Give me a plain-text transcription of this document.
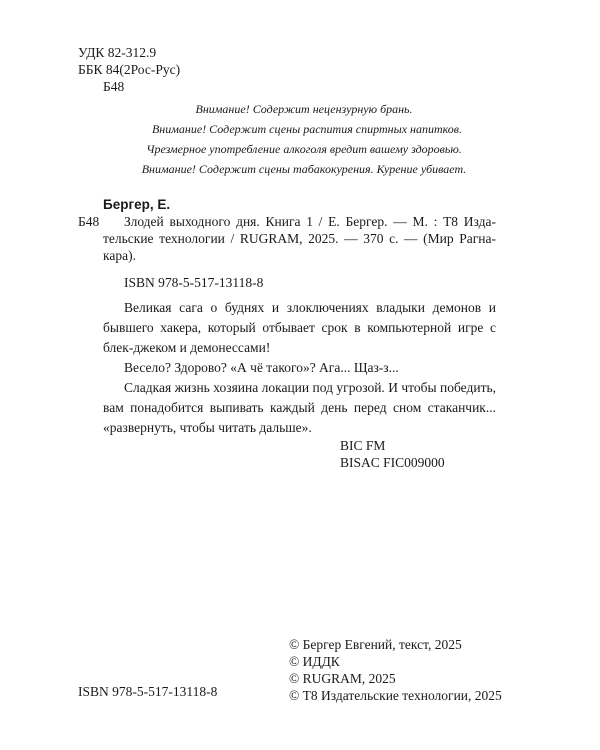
УДК 82-312.9
ББК 84(2Рос-Рус)
Б48
Внимание! Содержит нецензурную брань.
Внимание! Содержит сцены распития спиртных напитков.
Чрезмерное употребление алкоголя вредит вашему здоровью.
Внимание! Содержит сцены табакокурения. Курение убивает.
Бергер, Е.
Б48 Злодей выходного дня. Книга 1 / Е. Бергер. — М. : Т8 Изда-
тельские технологии / RUGRAM, 2025. — 370 с. — (Мир Рагна-
кара).
ISBN 978-5-517-13118-8
Великая сага о буднях и злоключениях владыки демонов и бывшего хакера, который отбывает срок в компьютерной игре с блек-джеком и демонессами!
Весело? Здорово? «А чё такого»? Ага... Щаз-з...
Сладкая жизнь хозяина локации под угрозой. И чтобы победить, вам понадобится выпивать каждый день перед сном стаканчик... «развернуть, чтобы читать дальше».
BIC FM
BISAC FIC009000
ISBN 978-5-517-13118-8
© Бергер Евгений, текст, 2025
© ИДДК
© RUGRAM, 2025
© Т8 Издательские технологии, 2025
